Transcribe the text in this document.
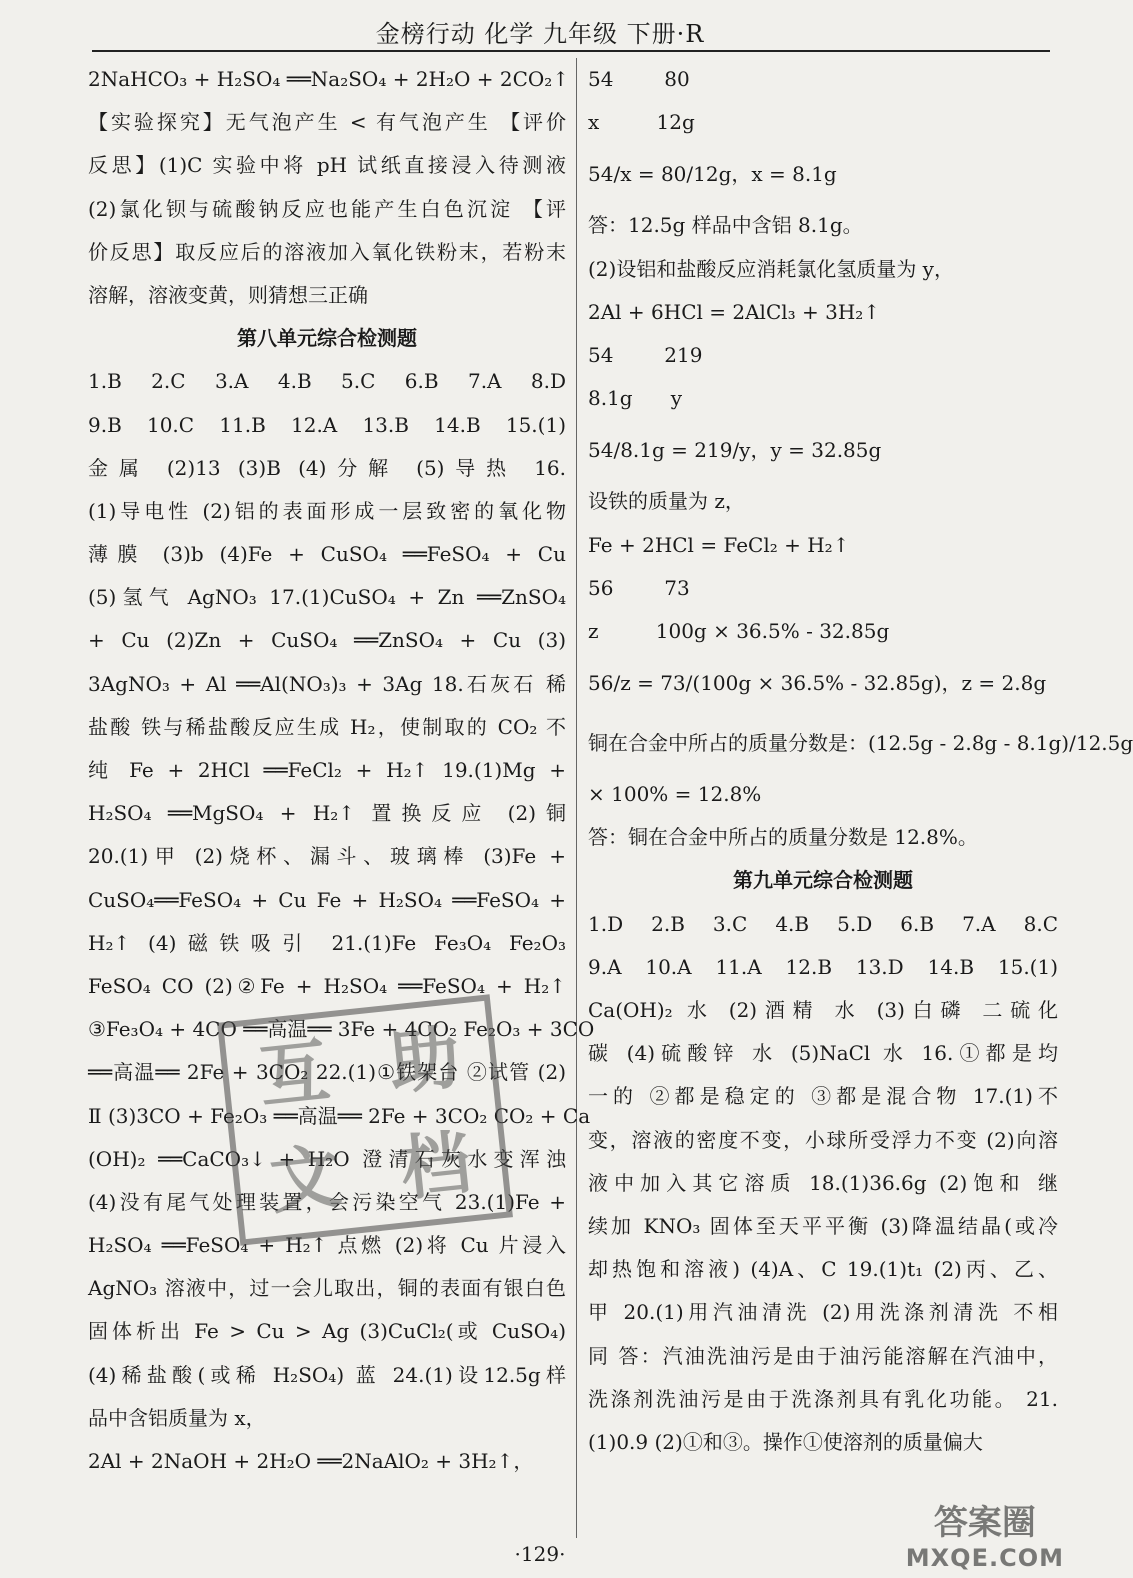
金榜行动 化学 九年级 下册·R
2NaHCO₃ + H₂SO₄ ══Na₂SO₄ + 2H₂O + 2CO₂↑
【实验探究】无气泡产生 < 有气泡产生 【评价
反思】(1)C 实验中将 pH 试纸直接浸入待测液
(2)氯化钡与硫酸钠反应也能产生白色沉淀 【评
价反思】取反应后的溶液加入氧化铁粉末，若粉末
溶解，溶液变黄，则猜想三正确
第八单元综合检测题
1.B 2.C 3.A 4.B 5.C 6.B 7.A 8.D
9.B 10.C 11.B 12.A 13.B 14.B 15.(1)
金属 (2)13 (3)B (4)分解 (5)导热 16.
(1)导电性 (2)铝的表面形成一层致密的氧化物
薄膜 (3)b (4)Fe + CuSO₄ ══FeSO₄ + Cu
(5)氢气 AgNO₃ 17.(1)CuSO₄ + Zn ══ZnSO₄
+ Cu (2)Zn + CuSO₄ ══ZnSO₄ + Cu (3)
3AgNO₃ + Al ══Al(NO₃)₃ + 3Ag 18.石灰石 稀
盐酸 铁与稀盐酸反应生成 H₂，使制取的 CO₂ 不
纯 Fe + 2HCl ══FeCl₂ + H₂↑ 19.(1)Mg +
H₂SO₄ ══MgSO₄ + H₂↑ 置换反应 (2)铜
20.(1)甲 (2)烧杯、漏斗、玻璃棒 (3)Fe +
CuSO₄══FeSO₄ + Cu Fe + H₂SO₄ ══FeSO₄ +
H₂↑ (4)磁铁吸引 21.(1)Fe Fe₃O₄ Fe₂O₃
FeSO₄ CO (2)②Fe + H₂SO₄ ══FeSO₄ + H₂↑
③Fe₃O₄ + 4CO ══高温══ 3Fe + 4CO₂ Fe₂O₃ + 3CO
══高温══ 2Fe + 3CO₂ 22.(1)①铁架台 ②试管 (2)
Ⅱ (3)3CO + Fe₂O₃ ══高温══ 2Fe + 3CO₂ CO₂ + Ca
(OH)₂ ══CaCO₃↓ + H₂O 澄清石灰水变浑浊
(4)没有尾气处理装置，会污染空气 23.(1)Fe +
H₂SO₄ ══FeSO₄ + H₂↑ 点燃 (2)将 Cu 片浸入
AgNO₃ 溶液中，过一会儿取出，铜的表面有银白色
固体析出 Fe > Cu > Ag (3)CuCl₂(或 CuSO₄)
(4)稀盐酸(或稀 H₂SO₄) 蓝 24.(1)设12.5g样
品中含铝质量为 x，
2Al + 2NaOH + 2H₂O ══2NaAlO₂ + 3H₂↑，
54        80
x         12g
54/x = 80/12g，x = 8.1g
答：12.5g 样品中含铝 8.1g。
(2)设铝和盐酸反应消耗氯化氢质量为 y，
2Al + 6HCl = 2AlCl₃ + 3H₂↑
54        219
8.1g      y
54/8.1g = 219/y，y = 32.85g
设铁的质量为 z，
Fe + 2HCl = FeCl₂ + H₂↑
56        73
z         100g × 36.5% - 32.85g
56/z = 73/(100g × 36.5% - 32.85g)，z = 2.8g
铜在合金中所占的质量分数是：(12.5g - 2.8g - 8.1g)/12.5g
× 100% = 12.8%
答：铜在合金中所占的质量分数是 12.8%。
第九单元综合检测题
1.D 2.B 3.C 4.B 5.D 6.B 7.A 8.C
9.A 10.A 11.A 12.B 13.D 14.B 15.(1)
Ca(OH)₂ 水 (2)酒精 水 (3)白磷 二硫化
碳 (4)硫酸锌 水 (5)NaCl 水 16.①都是均
一的 ②都是稳定的 ③都是混合物 17.(1)不
变，溶液的密度不变，小球所受浮力不变 (2)向溶
液中加入其它溶质 18.(1)36.6g (2)饱和 继
续加 KNO₃ 固体至天平平衡 (3)降温结晶(或冷
却热饱和溶液) (4)A、C 19.(1)t₁ (2)丙、乙、
甲 20.(1)用汽油清洗 (2)用洗涤剂清洗 不相
同 答：汽油洗油污是由于油污能溶解在汽油中，
洗涤剂洗油污是由于洗涤剂具有乳化功能。 21.
(1)0.9 (2)①和③。操作①使溶剂的质量偏大
互 助
文 档
·129·
答案圈
MXQE.COM
